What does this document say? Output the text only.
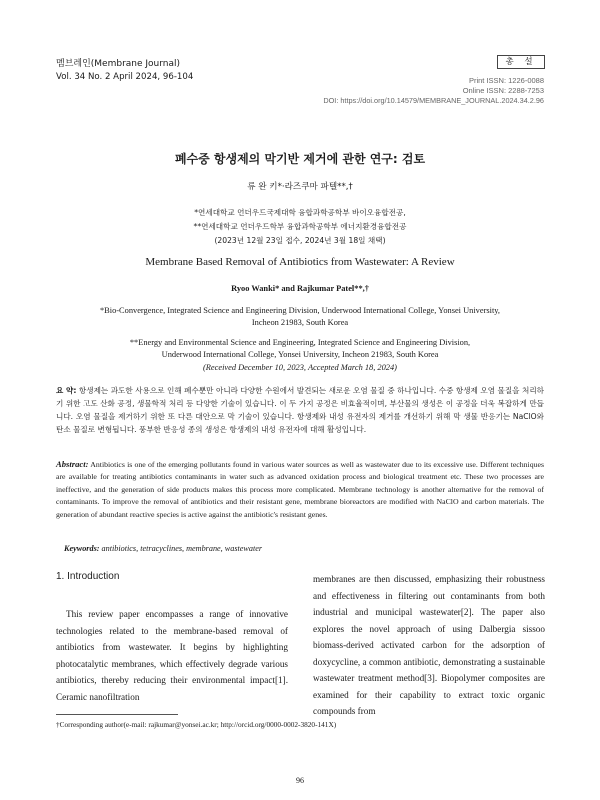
멤브레인(Membrane Journal)
Vol. 34 No. 2 April 2024, 96-104
총 설
Print ISSN: 1226-0088
Online ISSN: 2288-7253
DOI: https://doi.org/10.14579/MEMBRANE_JOURNAL.2024.34.2.96
폐수중 항생제의 막기반 제거에 관한 연구: 검토
류 완 키*·라즈쿠마 파텔**,†
*연세대학교 언더우드국제대학 융합과학공학부 바이오융합전공,
**연세대학교 언더우드학부 융합과학공학부 에너지환경융합전공
(2023년 12월 23일 접수, 2024년 3월 18일 채택)
Membrane Based Removal of Antibiotics from Wastewater: A Review
Ryoo Wanki* and Rajkumar Patel**,†
*Bio-Convergence, Integrated Science and Engineering Division, Underwood International College, Yonsei University,
Incheon 21983, South Korea
**Energy and Environmental Science and Engineering, Integrated Science and Engineering Division,
Underwood International College, Yonsei University, Incheon 21983, South Korea
(Received December 10, 2023, Accepted March 18, 2024)
요 약: 항생제는 과도한 사용으로 인해 폐수뿐만 아니라 다양한 수원에서 발견되는 새로운 오염 물질 중 하나입니다. 수중 항생제 오염 물질을 처리하기 위한 고도 산화 공정, 생물학적 처리 등 다양한 기술이 있습니다. 이 두 가지 공정은 비효율적이며, 부산물의 생성은 이 공정을 더욱 복잡하게 만듭니다. 오염 물질을 제거하기 위한 또 다른 대안으로 막 기술이 있습니다. 항생제와 내성 유전자의 제거를 개선하기 위해 막 생물 반응기는 NaClO와 탄소 물질로 변형됩니다. 풍부한 반응성 종의 생성은 항생제의 내성 유전자에 대해 활성입니다.
Abstract: Antibiotics is one of the emerging pollutants found in various water sources as well as wastewater due to its excessive use. Different techniques are available for treating antibiotics contaminants in water such as advanced oxidation process and biological treatment etc. These two processes are ineffective, and the generation of side products makes this process more complicated. Membrane technology is another alternative for the removal of contaminants. To improve the removal of antibiotics and their resistant gene, membrane bioreactors are modified with NaClO and carbon materials. The generation of abundant reactive species is active against the antibiotic's resistant genes.
Keywords: antibiotics, tetracyclines, membrane, wastewater
1. Introduction
This review paper encompasses a range of innovative technologies related to the membrane-based removal of antibiotics from wastewater. It begins by highlighting photocatalytic membranes, which effectively degrade various antibiotics, thereby reducing their environmental impact[1]. Ceramic nanofiltration
membranes are then discussed, emphasizing their robustness and effectiveness in filtering out contaminants from both industrial and municipal wastewater[2]. The paper also explores the novel approach of using Dalbergia sissoo biomass-derived activated carbon for the adsorption of doxycycline, a common antibiotic, demonstrating a sustainable wastewater treatment method[3]. Biopolymer composites are examined for their capability to extract toxic organic compounds from
†Corresponding author(e-mail: rajkumar@yonsei.ac.kr; http://orcid.org/0000-0002-3820-141X)
96
